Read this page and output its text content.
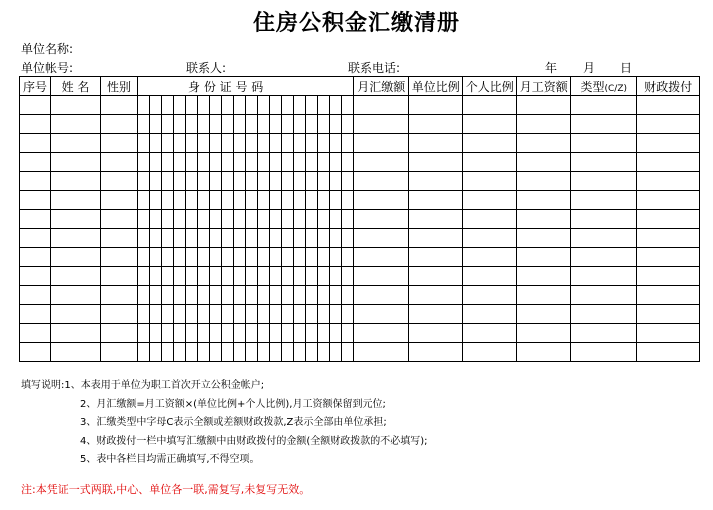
住房公积金汇缴清册
单位名称:
单位帐号:	联系人:	联系电话:	年 月 日
序号	姓 名	性别	身 份 证 号 码																		月汇缴额	单位比例	个人比例	月工资额	类型(C/Z)	财政拨付

填写说明:1、本表用于单位为职工首次开立公积金帐户;
2、月汇缴额=月工资额×(单位比例+个人比例),月工资额保留到元位;
3、汇缴类型中字母C表示全额或差额财政拨款,Z表示全部由单位承担;
4、财政拨付一栏中填写汇缴额中由财政拨付的金额(全额财政拨款的不必填写);
5、表中各栏目均需正确填写,不得空项。
注:本凭证一式两联,中心、单位各一联,需复写,未复写无效。
